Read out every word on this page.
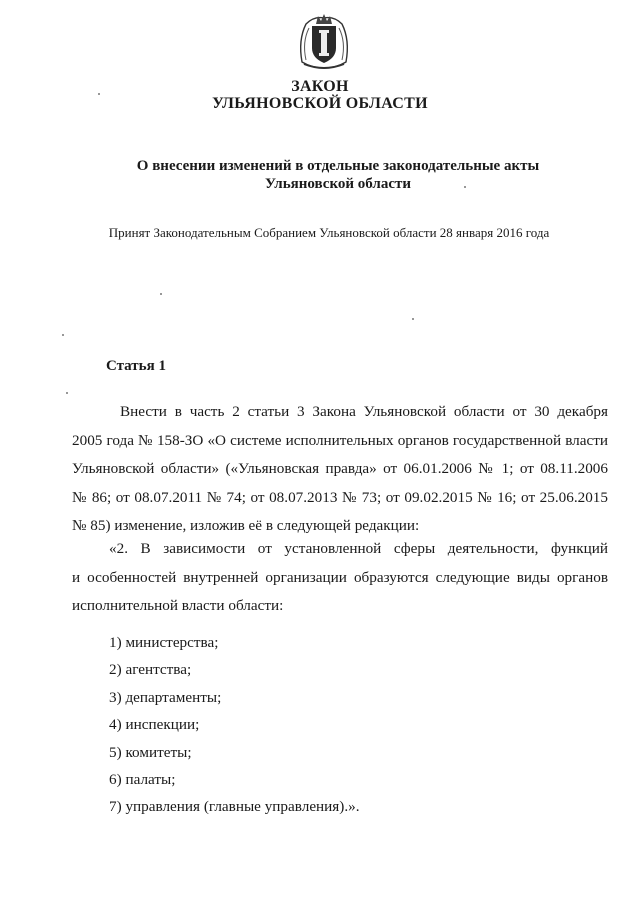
ЗАКОН
УЛЬЯНОВСКОЙ ОБЛАСТИ
О внесении изменений в отдельные законодательные акты
Ульяновской области
Принят Законодательным Собранием Ульяновской области 28 января 2016 года
Статья 1
Внести в часть 2 статьи 3 Закона Ульяновской области от 30 декабря
2005 года № 158-ЗО «О системе исполнительных органов государственной власти
Ульяновской области» («Ульяновская правда» от 06.01.2006 № 1; от 08.11.2006
№ 86; от 08.07.2011 № 74; от 08.07.2013 № 73; от 09.02.2015 № 16; от 25.06.2015
№ 85) изменение, изложив её в следующей редакции:
«2. В зависимости от установленной сферы деятельности, функций
и особенностей внутренней организации образуются следующие виды органов
исполнительной власти области:
1) министерства;
2) агентства;
3) департаменты;
4) инспекции;
5) комитеты;
6) палаты;
7) управления (главные управления).».
